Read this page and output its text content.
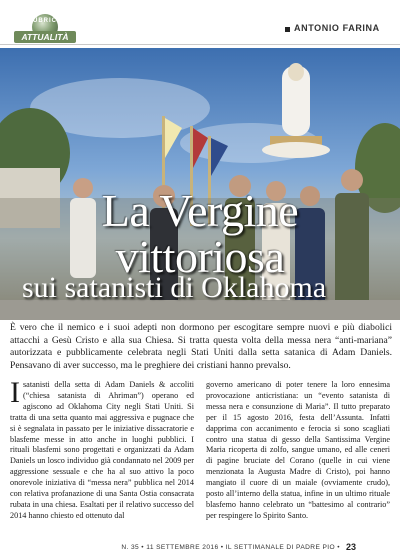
RUBRICA
ATTUALITÀ
ANTONIO FARINA
La Vergine
vittoriosa
sui satanisti di Oklahoma

È vero che il nemico e i suoi adepti non dormono per escogitare sempre nuovi e più diabolici attacchi a Gesù Cristo e alla sua Chiesa. Si tratta questa volta della messa nera “anti-mariana” autorizzata e pubblicamente celebrata negli Stati Uniti dalla setta satanica di Adam Daniels. Pensavano di aver successo, ma le preghiere dei cristiani hanno prevalso.

Isatanisti della setta di Adam Daniels & accoliti (“chiesa satanista di Ahriman”) operano ed agiscono ad Oklahoma City negli Stati Uniti. Si tratta di una setta quanto mai aggressiva e pugnace che si è segnalata in passato per le iniziative dissacratorie e blasfeme messe in atto anche in luoghi pubblici. I rituali blasfemi sono progettati e organizzati da Adam Daniels un losco individuo già condannato nel 2009 per aggressione sessuale e che ha al suo attivo la poco onorevole iniziativa di “messa nera” pubblica nel 2014 con relativa profanazione di una Santa Ostia consacrata rubata in una chiesa. Esaltati per il relativo successo del 2014 hanno chiesto ed ottenuto dal
governo americano di poter tenere la loro ennesima provocazione anticristiana: un “evento satanista di messa nera e consunzione di Maria”. Il tutto preparato per il 15 agosto 2016, festa dell’Assunta. Infatti dapprima con accanimento e ferocia si sono scagliati contro una statua di gesso della Santissima Vergine Maria ricoperta di zolfo, sangue umano, ed alle ceneri di pagine bruciate del Corano (quelle in cui viene menzionata la Augusta Madre di Cristo), poi hanno mangiato il cuore di un maiale (ovviamente crudo), posto all’interno della statua, infine in un ultimo rituale blasfemo hanno celebrato un “battesimo al contrario” per respingere lo Spirito Santo.
N. 35 • 11 SETTEMBRE 2016 • IL SETTIMANALE DI PADRE PIO • 23
